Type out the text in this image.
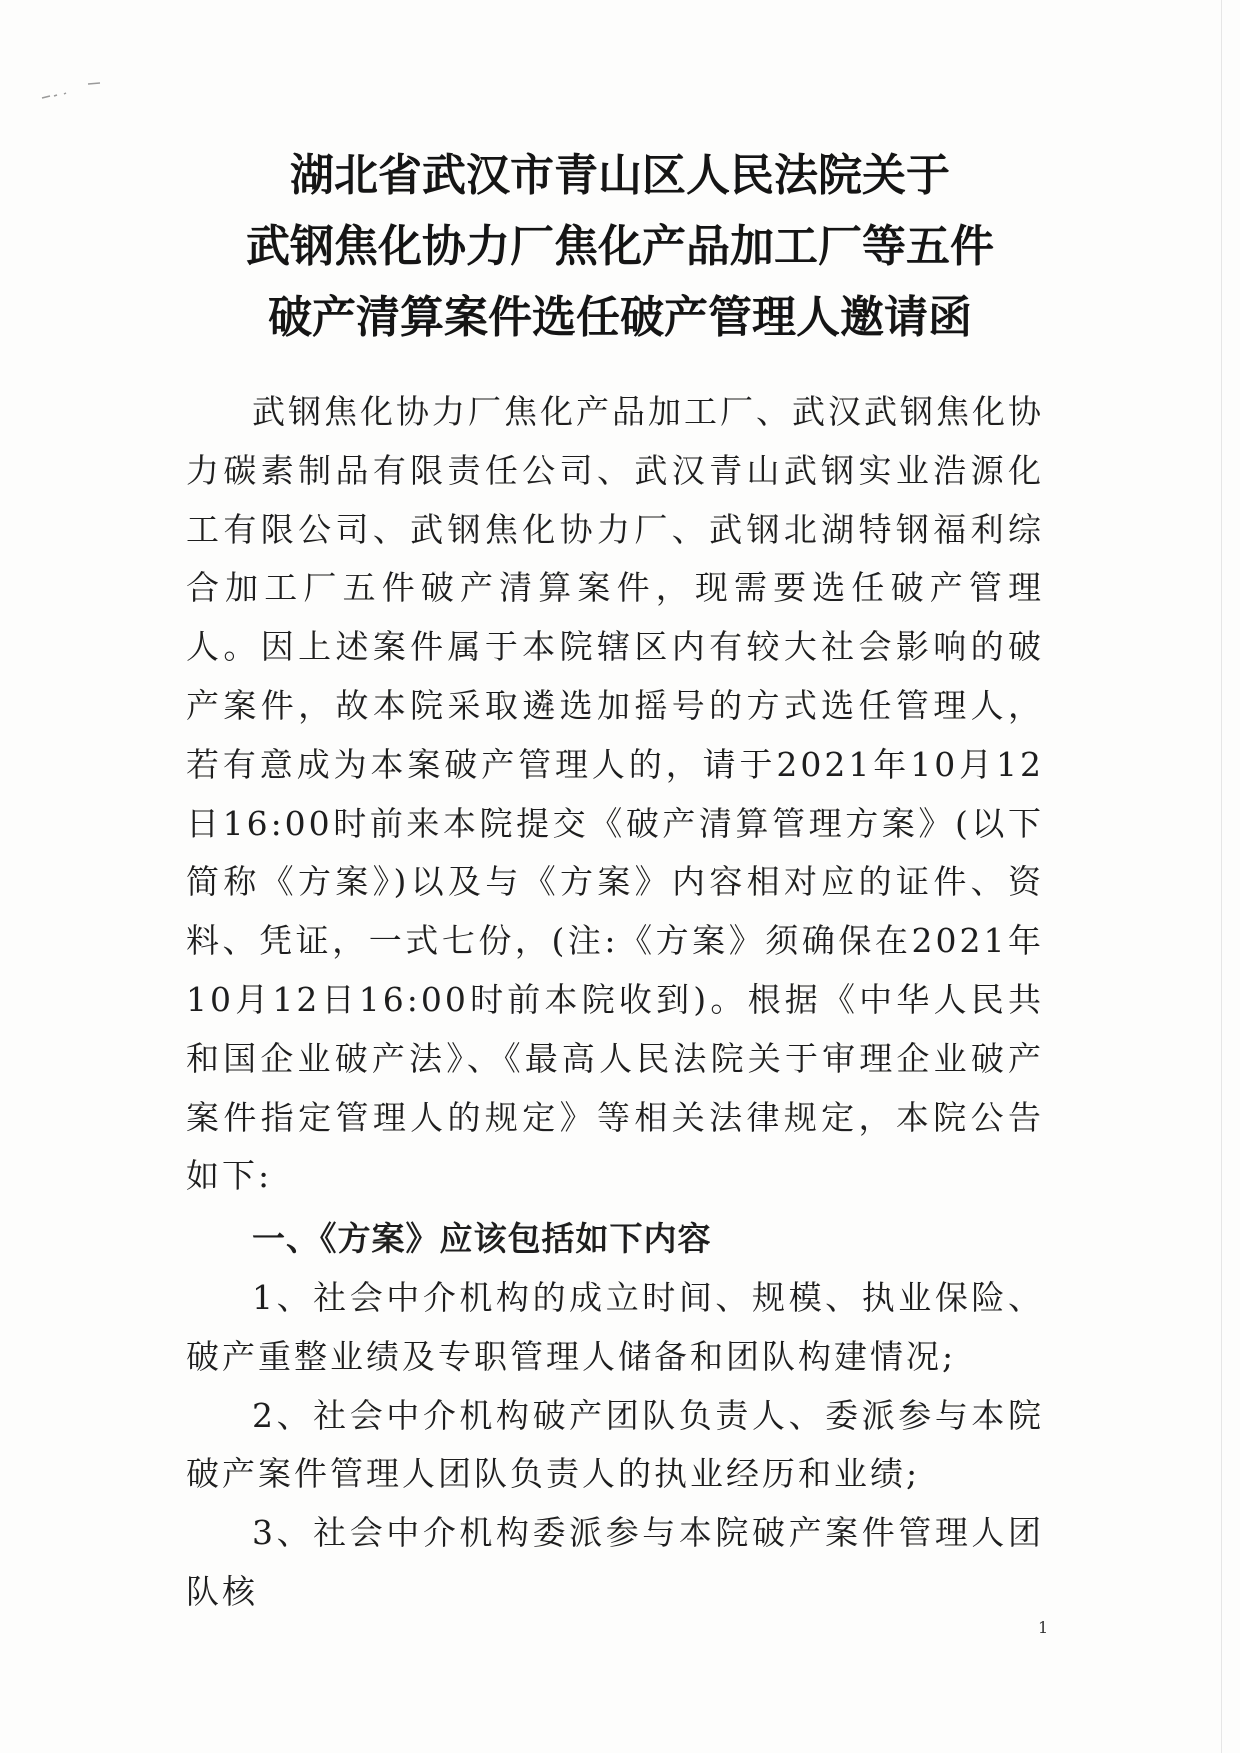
湖北省武汉市青山区人民法院关于
武钢焦化协力厂焦化产品加工厂等五件
破产清算案件选任破产管理人邀请函

武钢焦化协力厂焦化产品加工厂、武汉武钢焦化协力碳素制品有限责任公司、武汉青山武钢实业浩源化工有限公司、武钢焦化协力厂、武钢北湖特钢福利综合加工厂五件破产清算案件，现需要选任破产管理人。因上述案件属于本院辖区内有较大社会影响的破产案件，故本院采取遴选加摇号的方式选任管理人，若有意成为本案破产管理人的，请于2021年10月12日16:00时前来本院提交《破产清算管理方案》(以下简称《方案》)以及与《方案》内容相对应的证件、资料、凭证，一式七份，(注:《方案》须确保在2021年10月12日16:00时前本院收到)。根据《中华人民共和国企业破产法》、《最高人民法院关于审理企业破产案件指定管理人的规定》等相关法律规定，本院公告如下:

一、《方案》应该包括如下内容

1、社会中介机构的成立时间、规模、执业保险、破产重整业绩及专职管理人储备和团队构建情况;

2、社会中介机构破产团队负责人、委派参与本院破产案件管理人团队负责人的执业经历和业绩;

3、社会中介机构委派参与本院破产案件管理人团队核

1
